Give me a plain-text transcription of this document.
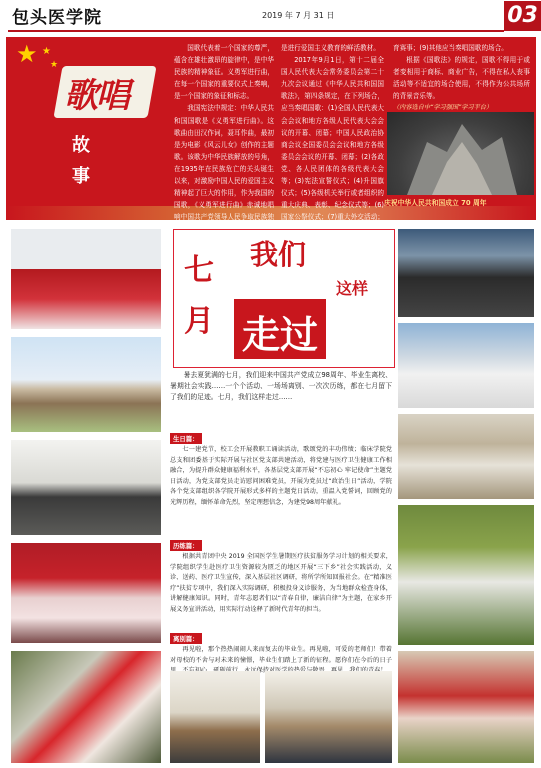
包头医学院	2019 年 7 月 31 日	03
★ ★
★
歌唱
故
事

国歌代表着一个国家的尊严，蕴含在雄壮激昂的旋律中，是中华民族的精神象征。义勇军进行曲，在每一个国家的重要仪式上奏响，是一个国家的象征和标志。

我国宪法中规定：中华人民共和国国歌是《义勇军进行曲》。这歌曲由田汉作词，聂耳作曲，最初是为电影《风云儿女》创作的主题歌。该歌为中华民族解放的号角，在1935年在民族危亡的关头诞生以来，对激励中国人民的爱国主义精神起了巨大的作用，作为我国的国歌，《义勇军进行曲》赤诚地唱响中国共产党领导人民争取民族独

是进行爱国主义教育的鲜活教材。

2017年9月1日，第十二届全国人民代表大会常务委员会第二十九次会议通过《中华人民共和国国歌法》，第四条规定，在下列场合，应当奏唱国歌：(1)全国人民代表大会会议和地方各级人民代表大会会议的开幕、闭幕；中国人民政治协商会议全国委员会会议和地方各级委员会会议的开幕、闭幕；(2)各政党、各人民团体的各级代表大会等；(3)宪法宣誓仪式；(4)升国旗仪式；(5)各级机关举行或者组织的重大庆典、表彰、纪念仪式等；(6)国家公祭仪式；(7)重大外交活动；

育赛事；(9)其他应当奏唱国歌的场合。

根据《国歌法》的规定，国歌不得用于或者变相用于商标、商业广告，不得在私人丧事活动等不适宜的场合使用，不得作为公共场所的背景音乐等。

（内容选自中“学习强国”学习平台）
庆祝中华人民共和国成立 70 周年
七 我们
月
这样
走过
暑去夏犹满的七月，我们迎来中国共产党成立98周年、毕业生离校、暑期社会实践……一个个活动、一场场离别、一次次历练，都在七月留下了我们的足迹。七月，我们这样走过……
生日篇：

七一建党节，校工会开展教职工诵读活动，歌颂党的丰功伟绩；临床学院党总支和团委基于实际开展与社区党支部共建活动，将党建与医疗卫生健康工作相融合，为提升群众健康福利水平，各基层党支部开展“不忘初心 牢记使命”主题党日活动，为党支部党员走访慰问困难党员，开展为党员过“政治生日”活动，学院各个党支部组织各学院开展形式多样的主题党日活动，重温入党誓词，回顾党的光辉历程，缅怀革命先烈，坚定理想信念，为建党98周年献礼。

历练篇：

根据共青团中央 2019 全国医学生暑期医疗扶贫服务学习计划的相关要求，学院组织学生赴医疗卫生资源较为匮乏的地区开展“三下乡”社会实践活动，义诊、送药、医疗卫生宣传，深入基层社区调研，将所学所知回报社会。在“精准医疗”扶贫专项中，我们深入实际调研，积极投身义诊服务，为当地群众检查身体，讲解健康知识。同时，青年志愿者们以“青春自律，廉洁自律”为主题，在家乡开展义务宣讲活动，用实际行动诠释了新时代青年的担当。

离别篇：

再见啦，那个热热闹闹人来而复去的毕业生。再见啦，可爱的老师们！带着对母校的不舍与对未来的憧憬，毕业生们踏上了新的征程。愿你们在今后的日子
